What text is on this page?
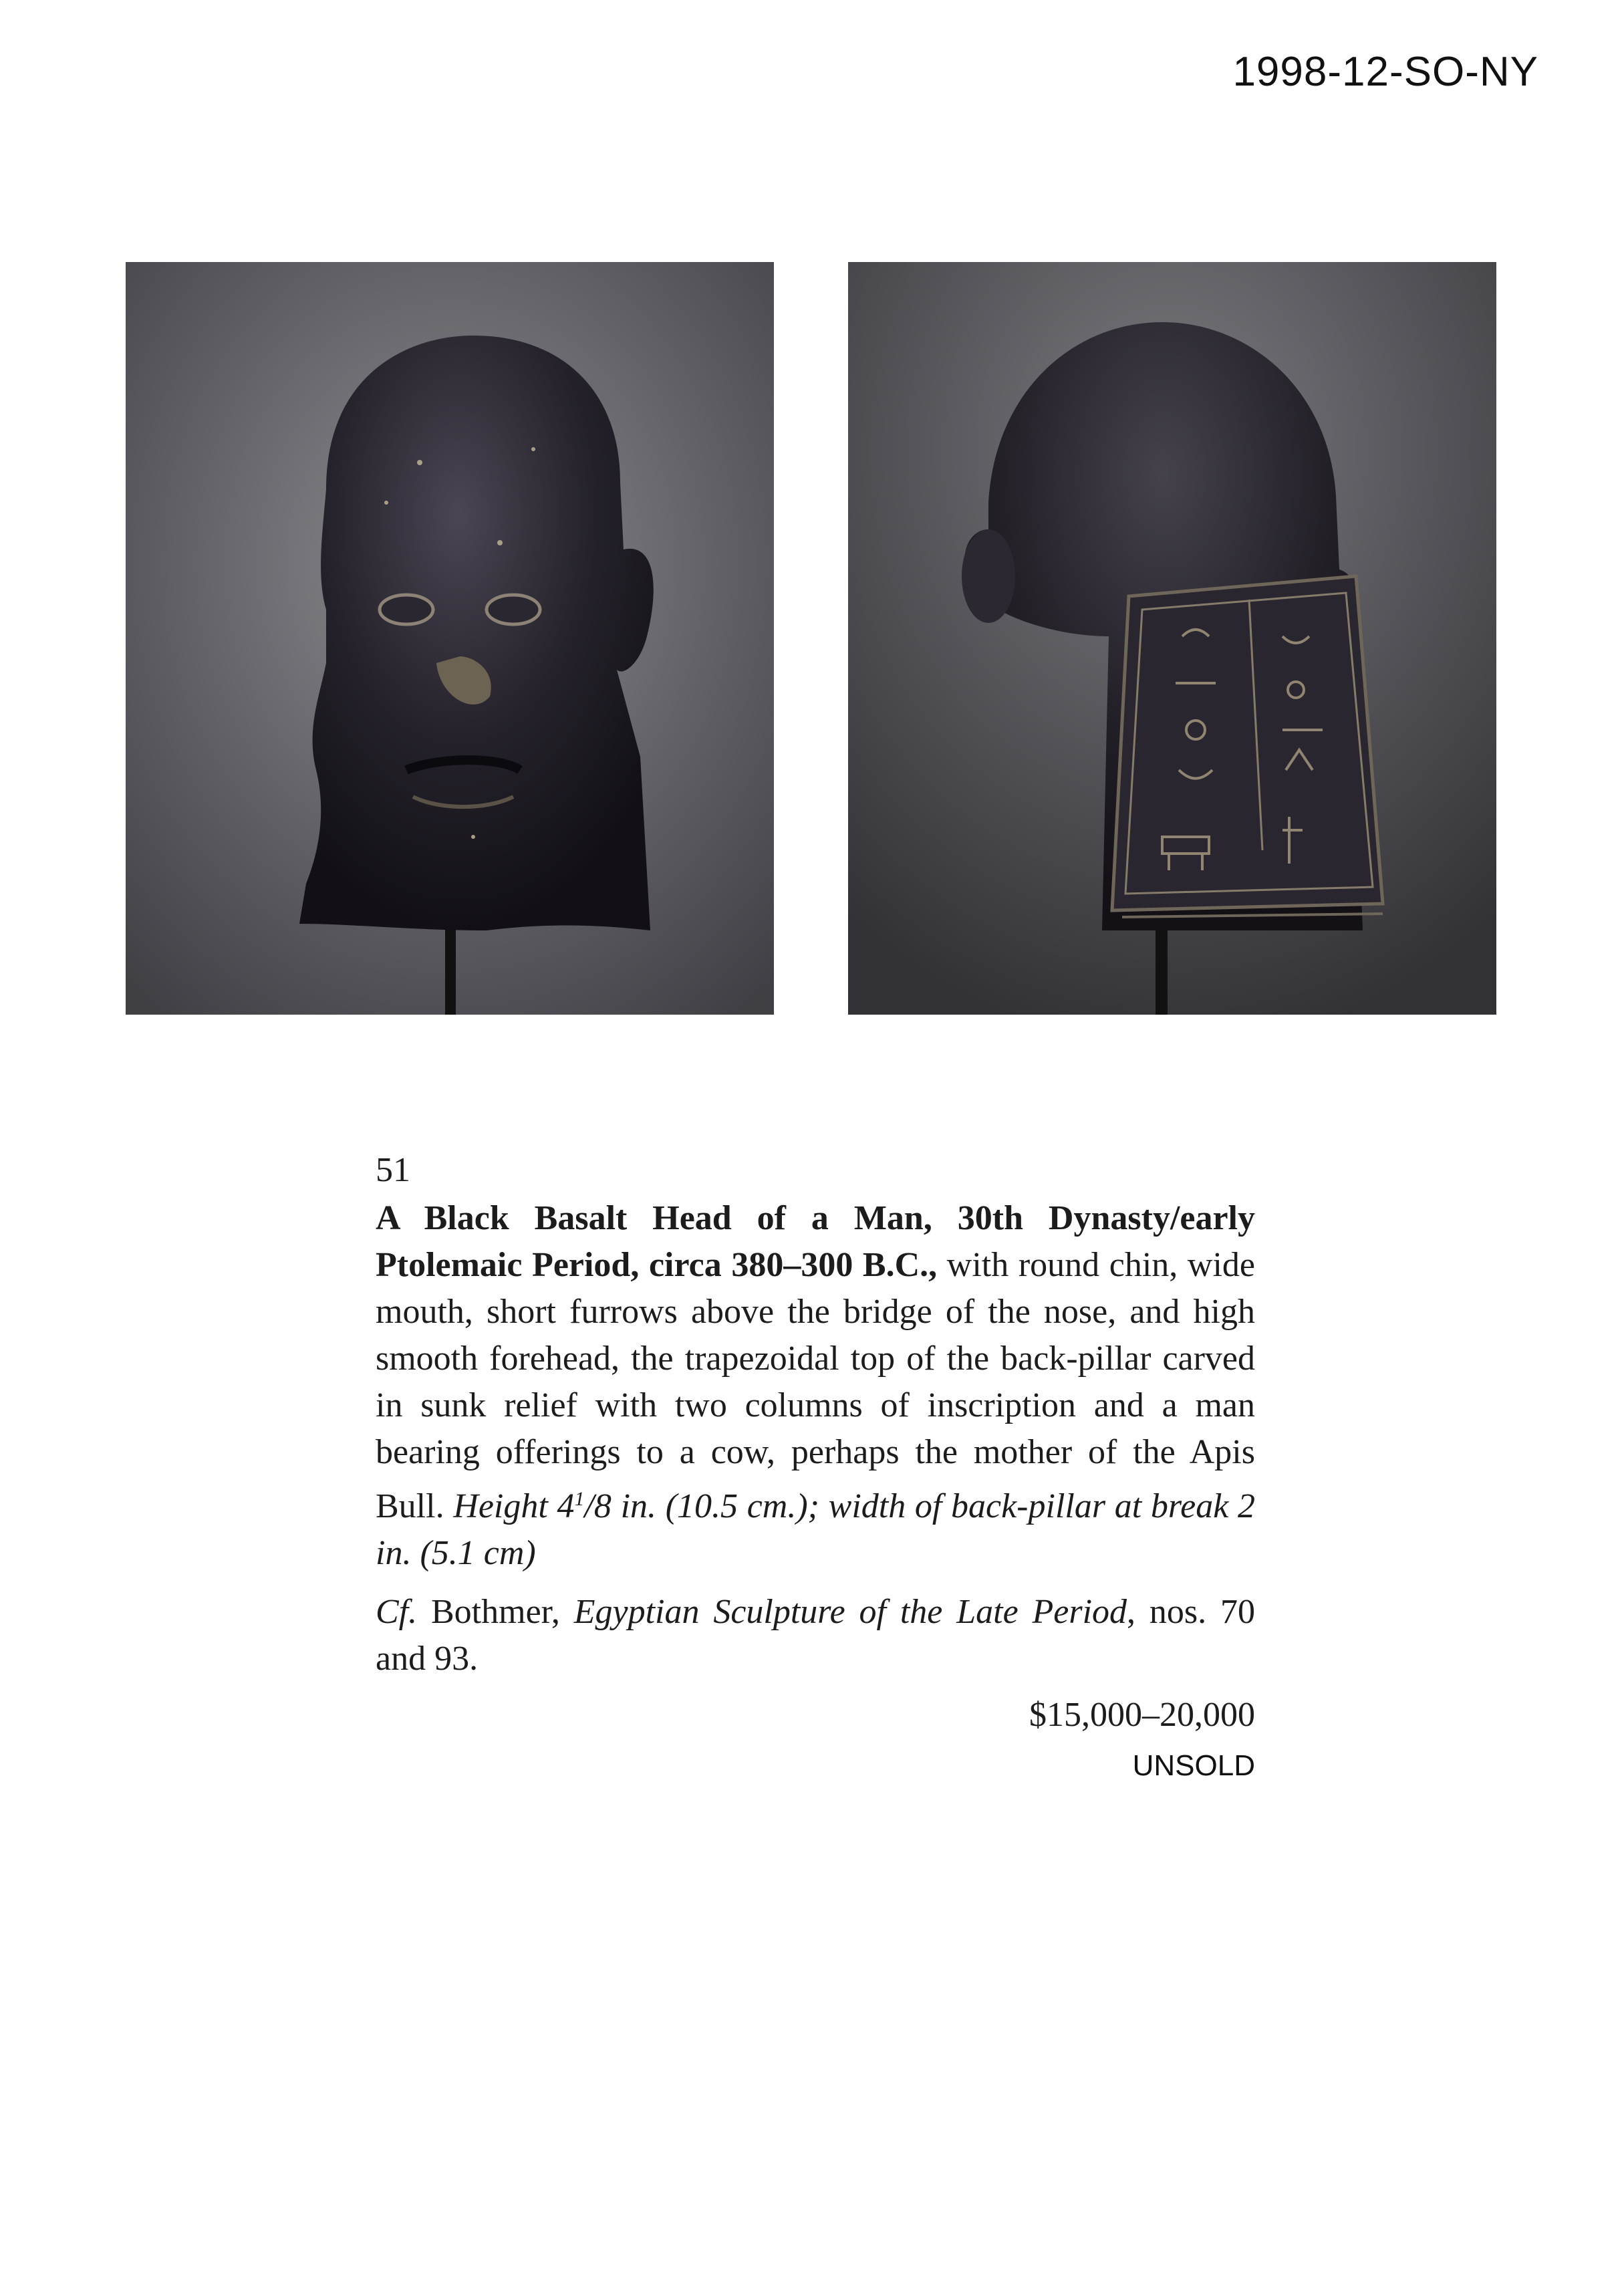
1998-12-SO-NY
51

A Black Basalt Head of a Man, 30th Dynasty/early Ptolemaic Period, circa 380–300 B.C., with round chin, wide mouth, short furrows above the bridge of the nose, and high smooth forehead, the trapezoidal top of the back-pillar carved in sunk relief with two columns of inscription and a man bearing offerings to a cow, perhaps the mother of the Apis Bull. Height $4^1/8$ in. (10.5 cm.); width of back-pillar at break 2 in. (5.1 cm)

Cf. Bothmer, Egyptian Sculpture of the Late Period, nos. 70 and 93.

$15,000–20,000
UNSOLD
